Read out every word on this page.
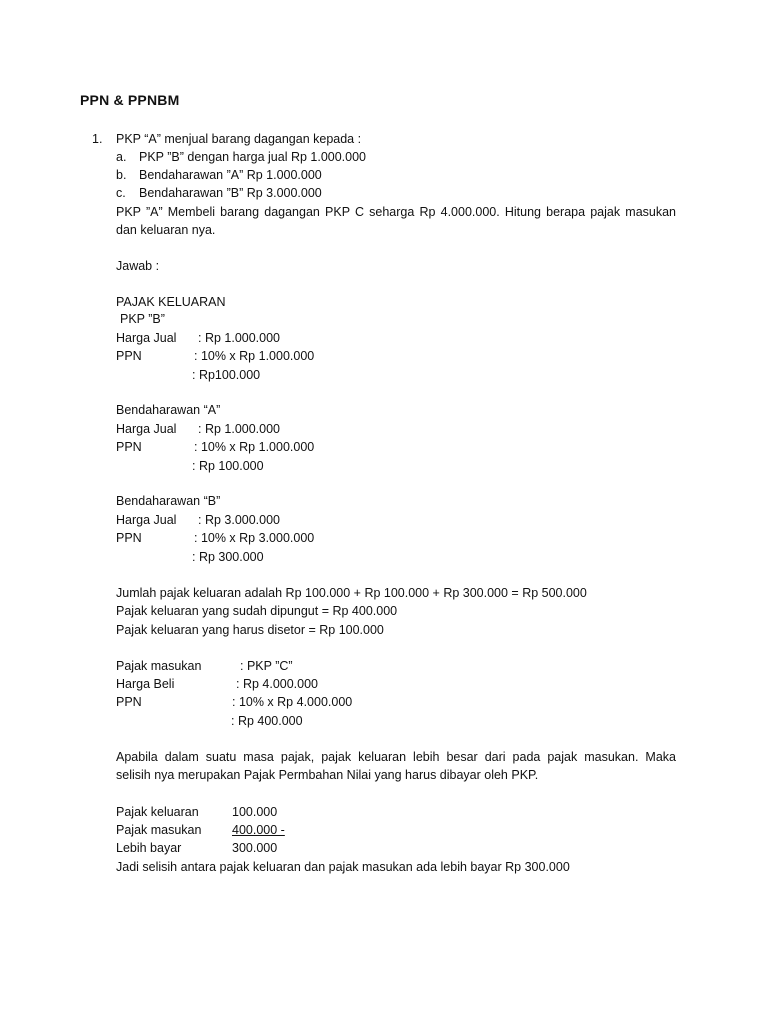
PPN & PPNBM
1. PKP “A” menjual barang dagangan kepada :
a. PKP ”B” dengan harga jual Rp 1.000.000
b. Bendaharawan ”A” Rp 1.000.000
c. Bendaharawan ”B” Rp 3.000.000
PKP ”A” Membeli barang dagangan PKP C seharga Rp 4.000.000. Hitung berapa pajak masukan
dan keluaran nya.
Jawab :
PAJAK KELUARAN
PKP ”B”
Harga Jual : Rp 1.000.000
PPN	: 10% x Rp 1.000.000
: Rp100.000
Bendaharawan “A”
Harga Jual : Rp 1.000.000
PPN	: 10% x Rp 1.000.000
: Rp 100.000
Bendaharawan “B”
Harga Jual : Rp 3.000.000
PPN	: 10% x Rp 3.000.000
: Rp 300.000
Jumlah pajak keluaran adalah Rp 100.000 + Rp 100.000 + Rp 300.000 = Rp 500.000
Pajak keluaran yang sudah dipungut = Rp 400.000
Pajak keluaran yang harus disetor = Rp 100.000
Pajak masukan	: PKP ”C”
Harga Beli	: Rp 4.000.000
PPN	: 10% x Rp 4.000.000
: Rp 400.000
Apabila dalam suatu masa pajak, pajak keluaran lebih besar dari pada pajak masukan. Maka
selisih nya merupakan Pajak Permbahan Nilai yang harus dibayar oleh PKP.
Pajak keluaran	100.000
Pajak masukan 400.000 -
Lebih bayar	300.000
Jadi selisih antara pajak keluaran dan pajak masukan ada lebih bayar Rp 300.000
